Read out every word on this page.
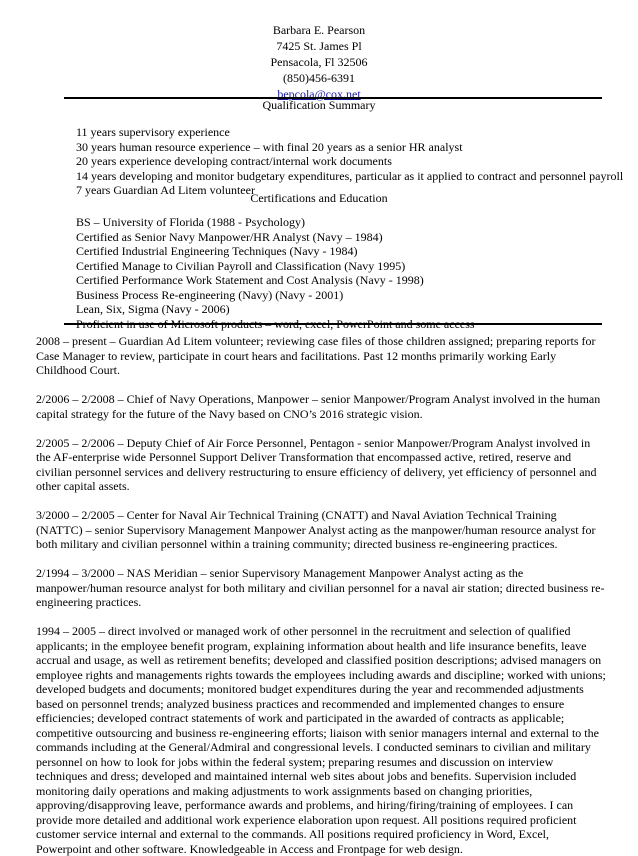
Barbara E. Pearson
7425 St. James Pl
Pensacola, Fl 32506
(850)456-6391
bepcola@cox.net
Qualification Summary
11 years supervisory experience
30 years human resource experience – with final 20 years as a senior HR analyst
20 years experience developing contract/internal work documents
14 years developing and monitor budgetary expenditures, particular as it applied to contract and personnel payroll
7 years Guardian Ad Litem volunteer
Certifications and Education
BS – University of Florida (1988 - Psychology)
Certified as Senior Navy Manpower/HR Analyst (Navy – 1984)
Certified Industrial Engineering Techniques (Navy - 1984)
Certified Manage to Civilian Payroll and Classification (Navy 1995)
Certified Performance Work Statement and Cost Analysis (Navy - 1998)
Business Process Re-engineering (Navy) (Navy - 2001)
Lean, Six, Sigma (Navy - 2006)
Proficient in use of Microsoft products – word, excel, PowerPoint and some access

2008 – present – Guardian Ad Litem volunteer; reviewing case files of those children assigned; preparing reports for Case Manager to review, participate in court hears and facilitations. Past 12 months primarily working Early Childhood Court.

2/2006 – 2/2008 – Chief of Navy Operations, Manpower – senior Manpower/Program Analyst involved in the human capital strategy for the future of the Navy based on CNO’s 2016 strategic vision.

2/2005 – 2/2006 – Deputy Chief of Air Force Personnel, Pentagon - senior Manpower/Program Analyst involved in the AF-enterprise wide Personnel Support Deliver Transformation that encompassed active, retired, reserve and civilian personnel services and delivery restructuring to ensure efficiency of delivery, yet efficiency of personnel and other capital assets.

3/2000 – 2/2005 – Center for Naval Air Technical Training (CNATT) and Naval Aviation Technical Training (NATTC) – senior Supervisory Management Manpower Analyst acting as the manpower/human resource analyst for both military and civilian personnel within a training community; directed business re-engineering practices.

2/1994 – 3/2000 – NAS Meridian – senior Supervisory Management Manpower Analyst acting as the manpower/human resource analyst for both military and civilian personnel for a naval air station; directed business re-engineering practices.

1994 – 2005 – direct involved or managed work of other personnel in the recruitment and selection of qualified applicants; in the employee benefit program, explaining information about health and life insurance benefits, leave accrual and usage, as well as retirement benefits; developed and classified position descriptions; advised managers on employee rights and managements rights towards the employees including awards and discipline; worked with unions; developed budgets and documents; monitored budget expenditures during the year and recommended adjustments based on personnel trends; analyzed business practices and recommended and implemented changes to ensure efficiencies; developed contract statements of work and participated in the awarded of contracts as applicable; competitive outsourcing and business re-engineering efforts; liaison with senior managers internal and external to the commands including at the General/Admiral and congressional levels. I conducted seminars to civilian and military personnel on how to look for jobs within the federal system; preparing resumes and discussion on interview techniques and dress; developed and maintained internal web sites about jobs and benefits. Supervision included monitoring daily operations and making adjustments to work assignments based on changing priorities, approving/disapproving leave, performance awards and problems, and hiring/firing/training of employees. I can provide more detailed and additional work experience elaboration upon request. All positions required proficient customer service internal and external to the commands. All positions required proficiency in Word, Excel, Powerpoint and other software. Knowledgeable in Access and Frontpage for web design.
